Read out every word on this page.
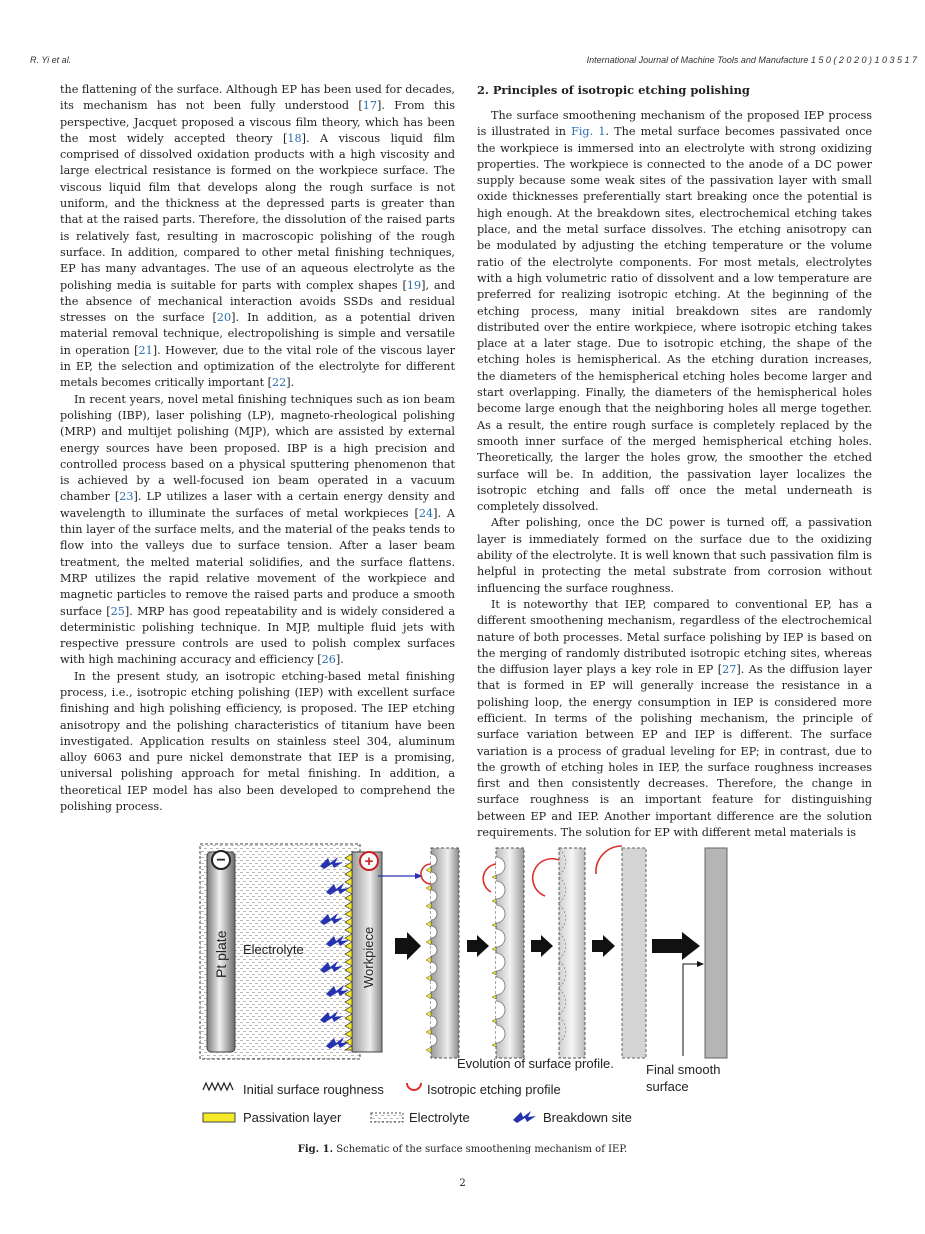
R. Yi et al.	International Journal of Machine Tools and Manufacture 1 5 0 ( 2 0 2 0 ) 1 0 3 5 1 7

the flattening of the surface. Although EP has been used for decades, its mechanism has not been fully understood [17]. From this perspective, Jacquet proposed a viscous film theory, which has been the most widely accepted theory [18]. A viscous liquid film comprised of dissolved oxidation products with a high viscosity and large electrical resistance is formed on the workpiece surface. The viscous liquid film that develops along the rough surface is not uniform, and the thickness at the depressed parts is greater than that at the raised parts. Therefore, the dissolution of the raised parts is relatively fast, resulting in macroscopic polishing of the rough surface. In addition, compared to other metal finishing techniques, EP has many advantages. The use of an aqueous electrolyte as the polishing media is suitable for parts with complex shapes [19], and the absence of mechanical interaction avoids SSDs and residual stresses on the surface [20]. In addition, as a potential driven material removal technique, electropolishing is simple and versatile in operation [21]. However, due to the vital role of the viscous layer in EP, the selection and optimization of the electrolyte for different metals becomes critically important [22].

In recent years, novel metal finishing techniques such as ion beam polishing (IBP), laser polishing (LP), magneto-rheological polishing (MRP) and multijet polishing (MJP), which are assisted by external energy sources have been proposed. IBP is a high precision and controlled process based on a physical sputtering phenomenon that is achieved by a well-focused ion beam operated in a vacuum chamber [23]. LP utilizes a laser with a certain energy density and wavelength to illuminate the surfaces of metal workpieces [24]. A thin layer of the surface melts, and the material of the peaks tends to flow into the valleys due to surface tension. After a laser beam treatment, the melted material solidifies, and the surface flattens. MRP utilizes the rapid relative movement of the workpiece and magnetic particles to remove the raised parts and produce a smooth surface [25]. MRP has good repeatability and is widely considered a deterministic polishing technique. In MJP, multiple fluid jets with respective pressure controls are used to polish complex surfaces with high machining accuracy and efficiency [26].

In the present study, an isotropic etching-based metal finishing process, i.e., isotropic etching polishing (IEP) with excellent surface finishing and high polishing efficiency, is proposed. The IEP etching anisotropy and the polishing characteristics of titanium have been investigated. Application results on stainless steel 304, aluminum alloy 6063 and pure nickel demonstrate that IEP is a promising, universal polishing approach for metal finishing. In addition, a theoretical IEP model has also been developed to comprehend the polishing process.

2. Principles of isotropic etching polishing

The surface smoothening mechanism of the proposed IEP process is illustrated in Fig. 1. The metal surface becomes passivated once the workpiece is immersed into an electrolyte with strong oxidizing properties. The workpiece is connected to the anode of a DC power supply because some weak sites of the passivation layer with small oxide thicknesses preferentially start breaking once the potential is high enough. At the breakdown sites, electrochemical etching takes place, and the metal surface dissolves. The etching anisotropy can be modulated by adjusting the etching temperature or the volume ratio of the electrolyte components. For most metals, electrolytes with a high volumetric ratio of dissolvent and a low temperature are preferred for realizing isotropic etching. At the beginning of the etching process, many initial breakdown sites are randomly distributed over the entire workpiece, where isotropic etching takes place at a later stage. Due to isotropic etching, the shape of the etching holes is hemispherical. As the etching duration increases, the diameters of the hemispherical etching holes become larger and start overlapping. Finally, the diameters of the hemispherical holes become large enough that the neighboring holes all merge together. As a result, the entire rough surface is completely replaced by the smooth inner surface of the merged hemispherical etching holes. Theoretically, the larger the holes grow, the smoother the etched surface will be. In addition, the passivation layer localizes the isotropic etching and falls off once the metal underneath is completely dissolved.

After polishing, once the DC power is turned off, a passivation layer is immediately formed on the surface due to the oxidizing ability of the electrolyte. It is well known that such passivation film is helpful in protecting the metal substrate from corrosion without influencing the surface roughness.

It is noteworthy that IEP, compared to conventional EP, has a different smoothening mechanism, regardless of the electrochemical nature of both processes. Metal surface polishing by IEP is based on the merging of randomly distributed isotropic etching sites, whereas the diffusion layer plays a key role in EP [27]. As the diffusion layer that is formed in EP will generally increase the resistance in a polishing loop, the energy consumption in IEP is considered more efficient. In terms of the polishing mechanism, the principle of surface variation between EP and IEP is different. The surface variation is a process of gradual leveling for EP; in contrast, due to the growth of etching holes in IEP, the surface roughness increases first and then consistently decreases. Therefore, the change in surface roughness is an important feature for distinguishing between EP and IEP. Another important difference are the solution requirements. The solution for EP with different metal materials is

−
Pt plate Electrolyte
+
Workpiece
Evolution of surface profile. Final smooth
surface
Initial surface roughness	Isotropic etching profile
Passivation layer	Electrolyte	Breakdown site
Fig. 1. Schematic of the surface smoothening mechanism of IEP.
2
